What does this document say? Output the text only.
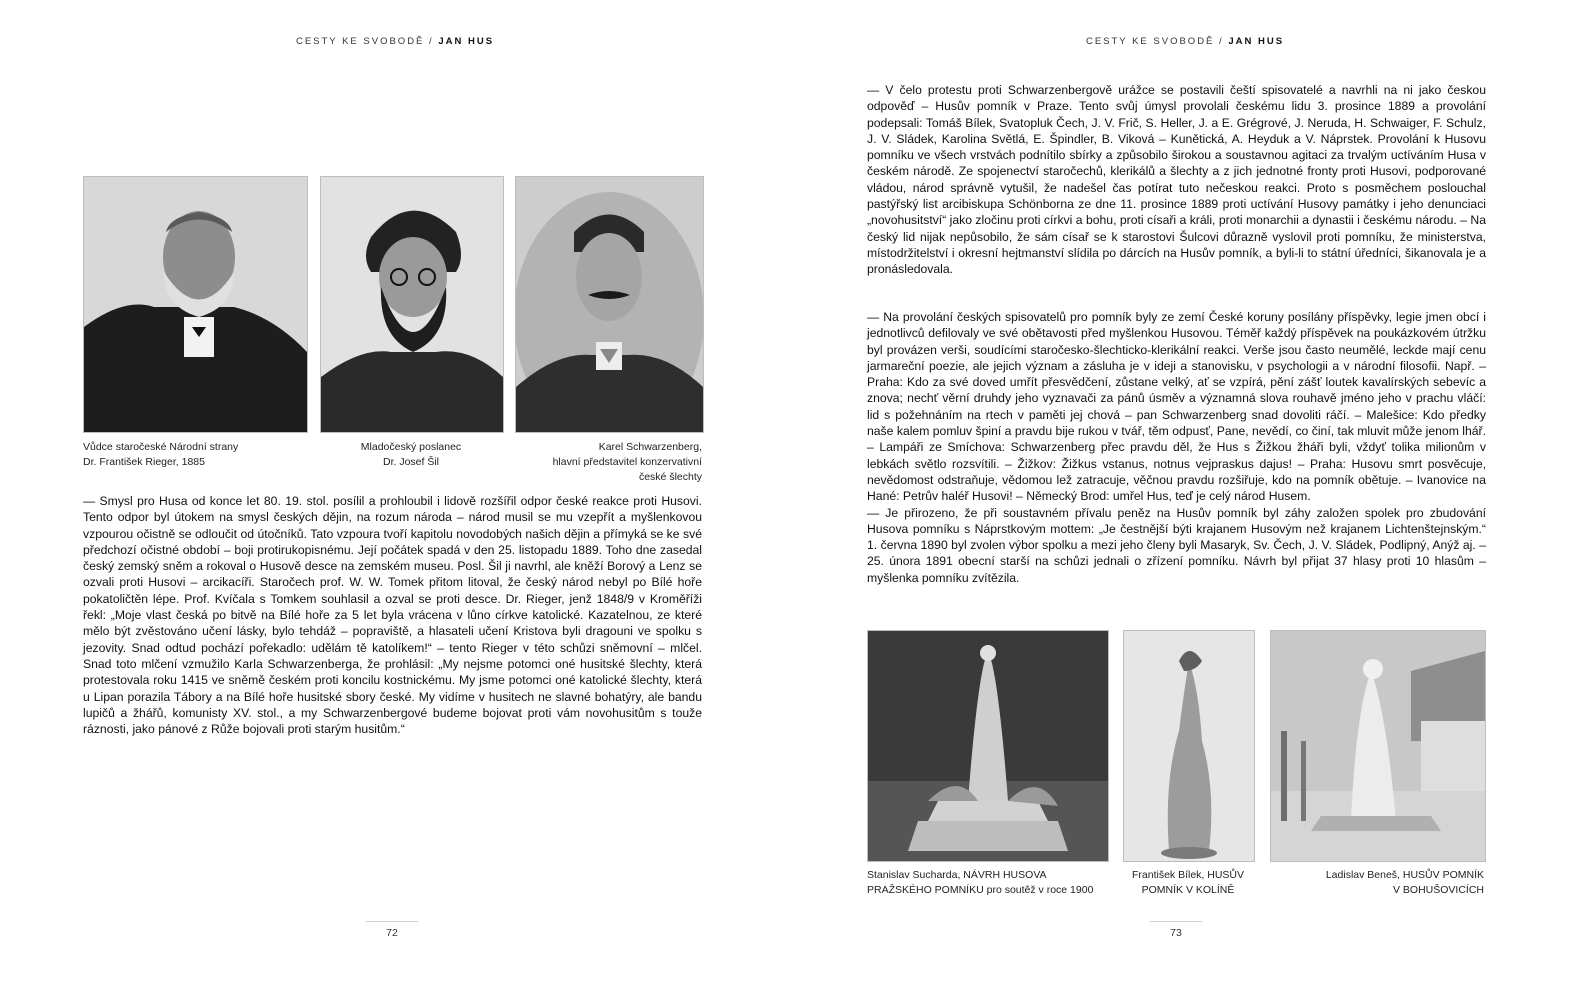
CESTY KE SVOBODĚ / JAN HUS
Vůdce staročeské Národní strany
Dr. František Rieger, 1885
Mladočeský poslanec
Dr. Josef Šil
Karel Schwarzenberg,
hlavní představitel konzervativní
české šlechty
— Smysl pro Husa od konce let 80. 19. stol. posílil a prohloubil i lidově rozšířil odpor české reakce proti Husovi. Tento odpor byl útokem na smysl českých dějin, na rozum národa – národ musil se mu vzepřít a myšlenkovou vzpourou očistně se odloučit od útočníků. Tato vzpoura tvoří kapitolu novodobých našich dějin a přímyká se ke své předchozí očistné období – boji protirukopisnému. Její počátek spadá v den 25. listopadu 1889. Toho dne zasedal český zemský sněm a rokoval o Husově desce na zemském museu. Posl. Šil ji navrhl, ale kněží Borový a Lenz se ozvali proti Husovi – arcikacíři. Staročech prof. W. W. Tomek přitom litoval, že český národ nebyl po Bílé hoře pokatoličtěn lépe. Prof. Kvíčala s Tomkem souhlasil a ozval se proti desce. Dr. Rieger, jenž 1848/9 v Kroměříži řekl: „Moje vlast česká po bitvě na Bílé hoře za 5 let byla vrácena v lůno církve katolické. Kazatelnou, ze které mělo být zvěstováno učení lásky, bylo tehdáž – popraviště, a hlasateli učení Kristova byli dragouni ve spolku s jezovity. Snad odtud pochází pořekadlo: udělám tě katolíkem!“ – tento Rieger v této schůzi sněmovní – mlčel. Snad toto mlčení vzmužilo Karla Schwarzenberga, že prohlásil: „My nejsme potomci oné husitské šlechty, která protestovala roku 1415 ve sněmě českém proti koncilu kostnickému. My jsme potomci oné katolické šlechty, která u Lipan porazila Tábory a na Bílé hoře husitské sbory české. My vidíme v husitech ne slavné bohatýry, ale bandu lupičů a žhářů, komunisty XV. stol., a my Schwarzenbergové budeme bojovat proti vám novohusitům s touže ráznosti, jako pánové z Růže bojovali proti starým husitům.“
72
CESTY KE SVOBODĚ / JAN HUS
— V čelo protestu proti Schwarzenbergově urážce se postavili čeští spisovatelé a navrhli na ni jako českou odpověď – Husův pomník v Praze. Tento svůj úmysl provolali českému lidu 3. prosince 1889 a provolání podepsali: Tomáš Bílek, Svatopluk Čech, J. V. Frič, S. Heller, J. a E. Grégrové, J. Neruda, H. Schwaiger, F. Schulz, J. V. Sládek, Karolina Světlá, E. Špindler, B. Viková – Kunětická, A. Heyduk a V. Náprstek. Provolání k Husovu pomníku ve všech vrstvách podnítilo sbírky a způsobilo širokou a soustavnou agitaci za trvalým uctíváním Husa v českém národě. Ze spojenectví staročechů, klerikálů a šlechty a z jich jednotné fronty proti Husovi, podporované vládou, národ správně vytušil, že nadešel čas potírat tuto nečeskou reakci. Proto s posměchem poslouchal pastýřský list arcibiskupa Schönborna ze dne 11. prosince 1889 proti uctívání Husovy památky i jeho denunciaci „novohusitství“ jako zločinu proti církvi a bohu, proti císaři a králi, proti monarchii a dynastii i českému národu. – Na český lid nijak nepůsobilo, že sám císař se k starostovi Šulcovi důrazně vyslovil proti pomníku, že ministerstva, místodržitelství i okresní hejtmanství slídila po dárcích na Husův pomník, a byli-li to státní úředníci, šikanovala je a pronásledovala.
— Na provolání českých spisovatelů pro pomník byly ze zemí České koruny posílány příspěvky, legie jmen obcí i jednotlivců defilovaly ve své obětavosti před myšlenkou Husovou. Téměř každý příspěvek na poukázkovém útržku byl provázen verši, soudícími staročesko-šlechticko-klerikální reakci. Verše jsou často neumělé, leckde mají cenu jarmareční poezie, ale jejich význam a zásluha je v ideji a stanovisku, v psychologii a v národní filosofii. Např. – Praha: Kdo za své doved umřít přesvědčení, zůstane velký, ať se vzpírá, pění zášť loutek kavalírských sebevíc a znova; nechť věrní druhdy jeho vyznavači za pánů úsměv a významná slova rouhavě jméno jeho v prachu vláčí: lid s požehnáním na rtech v paměti jej chová – pan Schwarzenberg snad dovoliti ráčí. – Malešice: Kdo předky naše kalem pomluv špiní a pravdu bije rukou v tvář, těm odpusť, Pane, nevědí, co činí, tak mluvit může jenom lhář. – Lampáři ze Smíchova: Schwarzenberg přec pravdu děl, že Hus s Žižkou žháři byli, vždyť tolika milionům v lebkách světlo rozsvítili. – Žižkov: Žižkus vstanus, notnus vejpraskus dajus! – Praha: Husovu smrt posvěcuje, nevědomost odstraňuje, vědomou lež zatracuje, věčnou pravdu rozšiřuje, kdo na pomník obětuje. – Ivanovice na Hané: Petrův haléř Husovi! – Německý Brod: umřel Hus, teď je celý národ Husem.
— Je přirozeno, že při soustavném přívalu peněz na Husův pomník byl záhy založen spolek pro zbudování Husova pomníku s Náprstkovým mottem: „Je čestnější býti krajanem Husovým než krajanem Lichtenštejnským.“ 1. června 1890 byl zvolen výbor spolku a mezi jeho členy byli Masaryk, Sv. Čech, J. V. Sládek, Podlipný, Anýž aj. – 25. února 1891 obecní starší na schůzi jednali o zřízení pomníku. Návrh byl přijat 37 hlasy proti 10 hlasům – myšlenka pomníku zvítězila.
Stanislav Sucharda, NÁVRH HUSOVA PRAŽSKÉHO POMNÍKU pro soutěž v roce 1900
František Bílek, HUSŮV
POMNÍK V KOLÍNĚ
Ladislav Beneš, HUSŮV POMNÍK
V BOHUŠOVICÍCH
73
